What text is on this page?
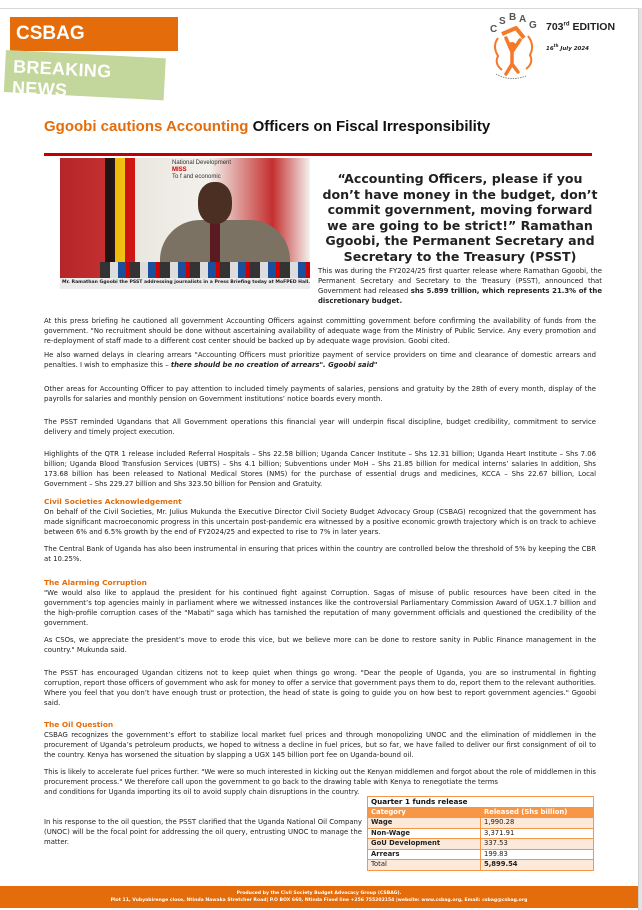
CSBAG
BREAKING NEWS
C
S B A
G 703rd EDITION
16th July 2024
Ggoobi cautions Accounting Officers on Fiscal Irresponsibility
National Development
MISS
To f and economic
Mr. Ramathan Ggoobi the PSST addressing journalists in a Press Briefing today at MoFPED Hall.
“Accounting Officers, please if you don’t have money in the budget, don’t commit government, moving forward we are going to be strict!” Ramathan Ggoobi, the Permanent Secretary and Secretary to the Treasury (PSST)
This was during the FY2024/25 first quarter release where Ramathan Ggoobi, the Permanent Secretary and Secretary to the Treasury (PSST), announced that Government had released shs 5.899 trillion, which represents 21.3% of the discretionary budget.

At this press briefing he cautioned all government Accounting Officers against committing government before confirming the availability of funds from the government. "No recruitment should be done without ascertaining availability of adequate wage from the Ministry of Public Service. Any every promotion and re-deployment of staff made to a different cost center should be backed up by adequate wage provision. Goobi cited.

He also warned delays in clearing arrears "Accounting Officers must prioritize payment of service providers on time and clearance of domestic arrears and penalties. I wish to emphasize this – there should be no creation of arrears". Ggoobi said"

Other areas for Accounting Officer to pay attention to included timely payments of salaries, pensions and gratuity by the 28th of every month, display of the payrolls for salaries and monthly pension on Government institutions’ notice boards every month.

The PSST reminded Ugandans that All Government operations this financial year will underpin fiscal discipline, budget credibility, commitment to service delivery and timely project execution.

Highlights of the QTR 1 release included Referral Hospitals – Shs 22.58 billion; Uganda Cancer Institute – Shs 12.31 billion; Uganda Heart Institute – Shs 7.06 billion; Uganda Blood Transfusion Services (UBTS) – Shs 4.1 billion; Subventions under MoH – Shs 21.85 billion for medical interns’ salaries In addition, Shs 173.68 billion has been released to National Medical Stores (NMS) for the purchase of essential drugs and medicines, KCCA – Shs 22.67 billion, Local Government – Shs 229.27 billion and Shs 323.50 billion for Pension and Gratuity.

Civil Societies Acknowledgement

On behalf of the Civil Societies, Mr. Julius Mukunda the Executive Director Civil Society Budget Advocacy Group (CSBAG) recognized that the government has made significant macroeconomic progress in this uncertain post-pandemic era witnessed by a positive economic growth trajectory which is on track to achieve between 6% and 6.5% growth by the end of FY2024/25 and expected to rise to 7% in later years.

The Central Bank of Uganda has also been instrumental in ensuring that prices within the country are controlled below the threshold of 5% by keeping the CBR at 10.25%.

The Alarming Corruption

"We would also like to applaud the president for his continued fight against Corruption. Sagas of misuse of public resources have been cited in the government’s top agencies mainly in parliament where we witnessed instances like the controversial Parliamentary Commission Award of UGX.1.7 billion and the high-profile corruption cases of the "Mabati" saga which has tarnished the reputation of many government officials and questioned the credibility of the government.

As CSOs, we appreciate the president’s move to erode this vice, but we believe more can be done to restore sanity in Public Finance management in the country." Mukunda said.

The PSST has encouraged Ugandan citizens not to keep quiet when things go wrong. "Dear the people of Uganda, you are so instrumental in fighting corruption, report those officers of government who ask for money to offer a service that government pays them to do, report them to the relevant authorities. Where you feel that you don’t have enough trust or protection, the head of state is going to guide you on how best to report government agencies." Ggoobi said.

The Oil Question

CSBAG recognizes the government’s effort to stabilize local market fuel prices and through monopolizing UNOC and the elimination of middlemen in the procurement of Uganda’s petroleum products, we hoped to witness a decline in fuel prices, but so far, we have failed to deliver our first consignment of oil to the country. Kenya has worsened the situation by slapping a UGX 145 billion port fee on Uganda-bound oil.

This is likely to accelerate fuel prices further. "We were so much interested in kicking out the Kenyan middlemen and forgot about the role of middlemen in this procurement process." We therefore call upon the government to go back to the drawing table with Kenya to renegotiate the terms

and conditions for Uganda importing its oil to avoid supply chain disruptions in the country.

In his response to the oil question, the PSST clarified that the Uganda National Oil Company (UNOC) will be the focal point for addressing the oil query, entrusting UNOC to manage the matter.

Quarter 1 funds release	
Category	Released (Shs billion)
Wage	1,990.28
Non-Wage	3,371.91
GoU Development	337.53
Arrears	199.83
Total	5,899.54
Produced by the Civil Society Budget Advocacy Group (CSBAG).
Plot 11, Vubyabirenge close, Ntinda Nawaka Stretcher Road| P.O BOX 660, Ntinda Fixed line +256 755202154 |website: www.csbag.org, Email: csbag@csbag.org
